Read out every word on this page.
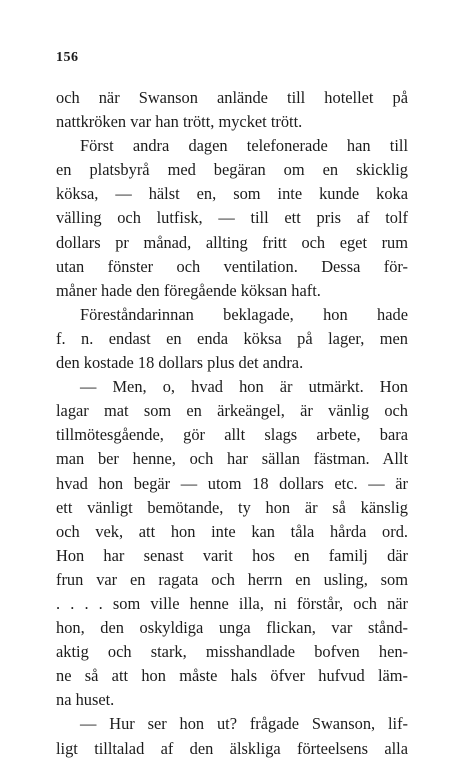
156
och när Swanson anlände till hotellet på
nattkröken var han trött, mycket trött.
Först andra dagen telefonerade han till
en platsbyrå med begäran om en skicklig
köksa, — hälst en, som inte kunde koka
välling och lutfisk, — till ett pris af tolf
dollars pr månad, allting fritt och eget rum
utan fönster och ventilation. Dessa för-
måner hade den föregående köksan haft.
Föreståndarinnan beklagade, hon hade
f. n. endast en enda köksa på lager, men
den kostade 18 dollars plus det andra.
— Men, o, hvad hon är utmärkt. Hon
lagar mat som en ärkeängel, är vänlig och
tillmötesgående, gör allt slags arbete, bara
man ber henne, och har sällan fästman. Allt
hvad hon begär — utom 18 dollars etc. — är
ett vänligt bemötande, ty hon är så känslig
och vek, att hon inte kan tåla hårda ord.
Hon har senast varit hos en familj där
frun var en ragata och herrn en usling, som
. . . . som ville henne illa, ni förstår, och när
hon, den oskyldiga unga flickan, var stånd-
aktig och stark, misshandlade bofven hen-
ne så att hon måste hals öfver hufvud läm-
na huset.
— Hur ser hon ut? frågade Swanson, lif-
ligt tilltalad af den älskliga förteelsens alla
